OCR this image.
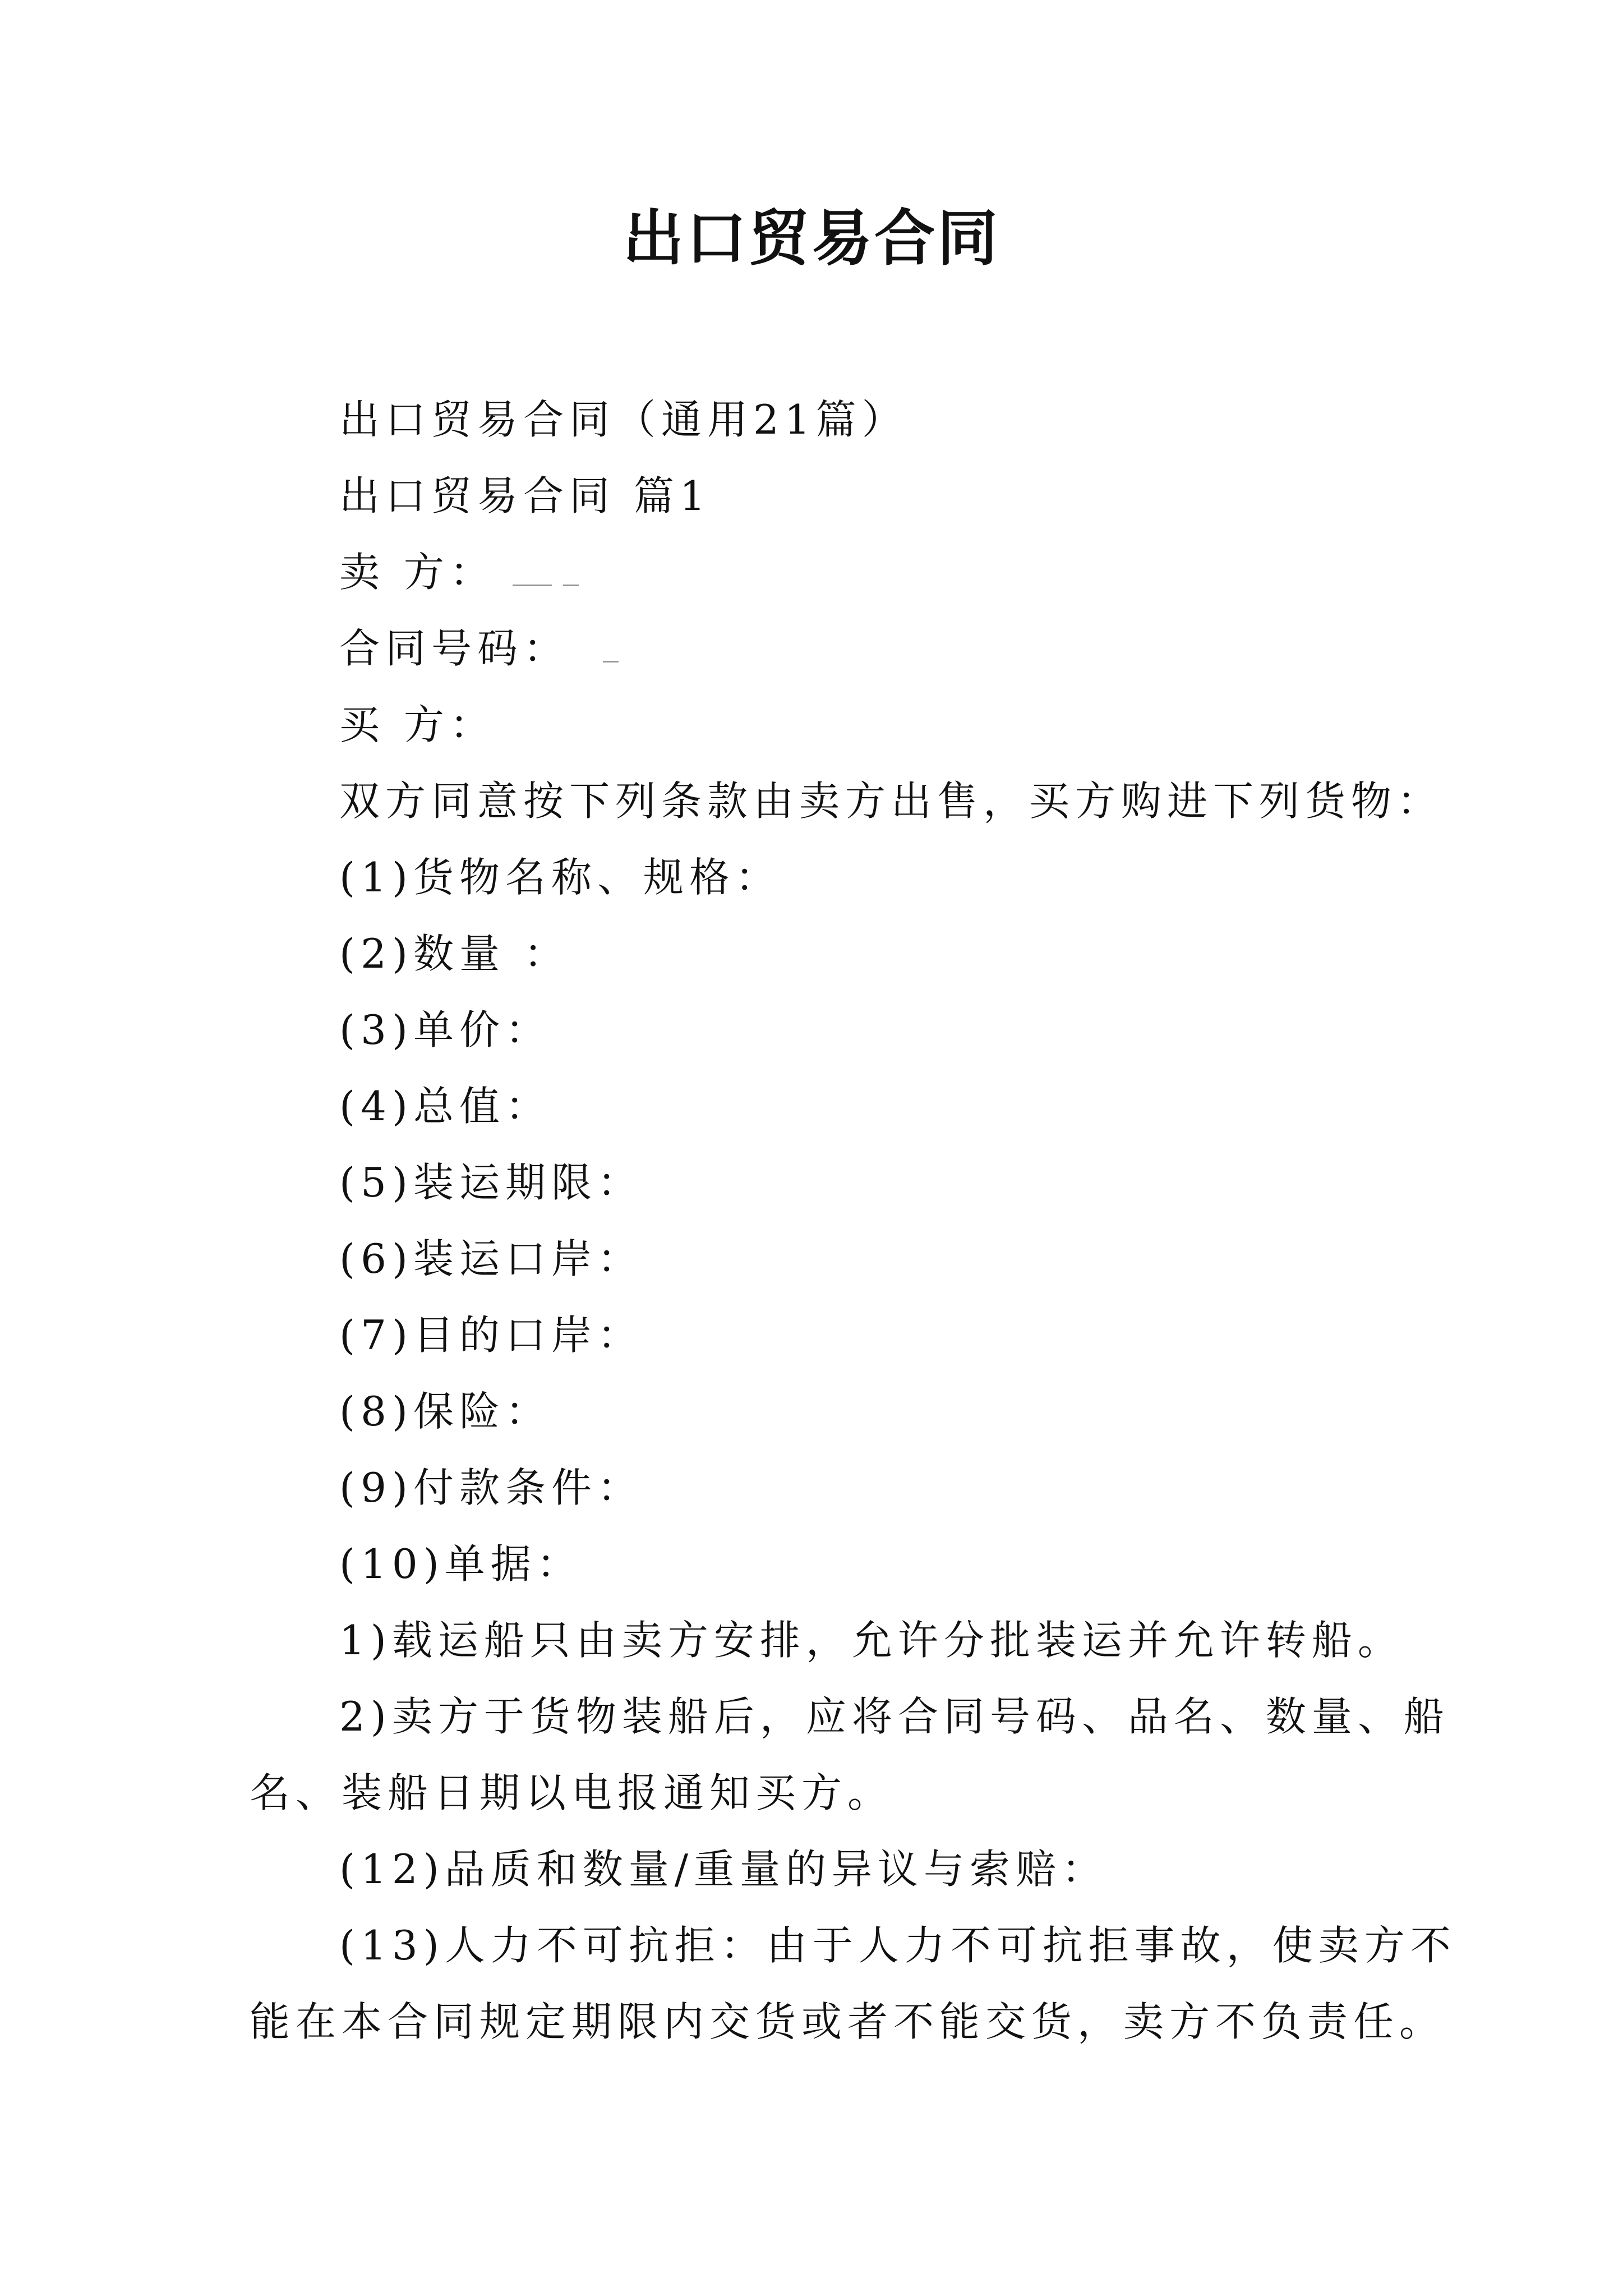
出口贸易合同

出口贸易合同（通用21篇）

出口贸易合同 篇1

卖 方：

合同号码：

买 方：

双方同意按下列条款由卖方出售，买方购进下列货物：

(1)货物名称、规格：

(2)数量 ：

(3)单价：

(4)总值：

(5)装运期限：

(6)装运口岸：

(7)目的口岸：

(8)保险：

(9)付款条件：

(10)单据：

1)载运船只由卖方安排，允许分批装运并允许转船。

2)卖方于货物装船后，应将合同号码、品名、数量、船

名、装船日期以电报通知买方。

(12)品质和数量/重量的异议与索赔：

(13)人力不可抗拒：由于人力不可抗拒事故，使卖方不

能在本合同规定期限内交货或者不能交货，卖方不负责任。
